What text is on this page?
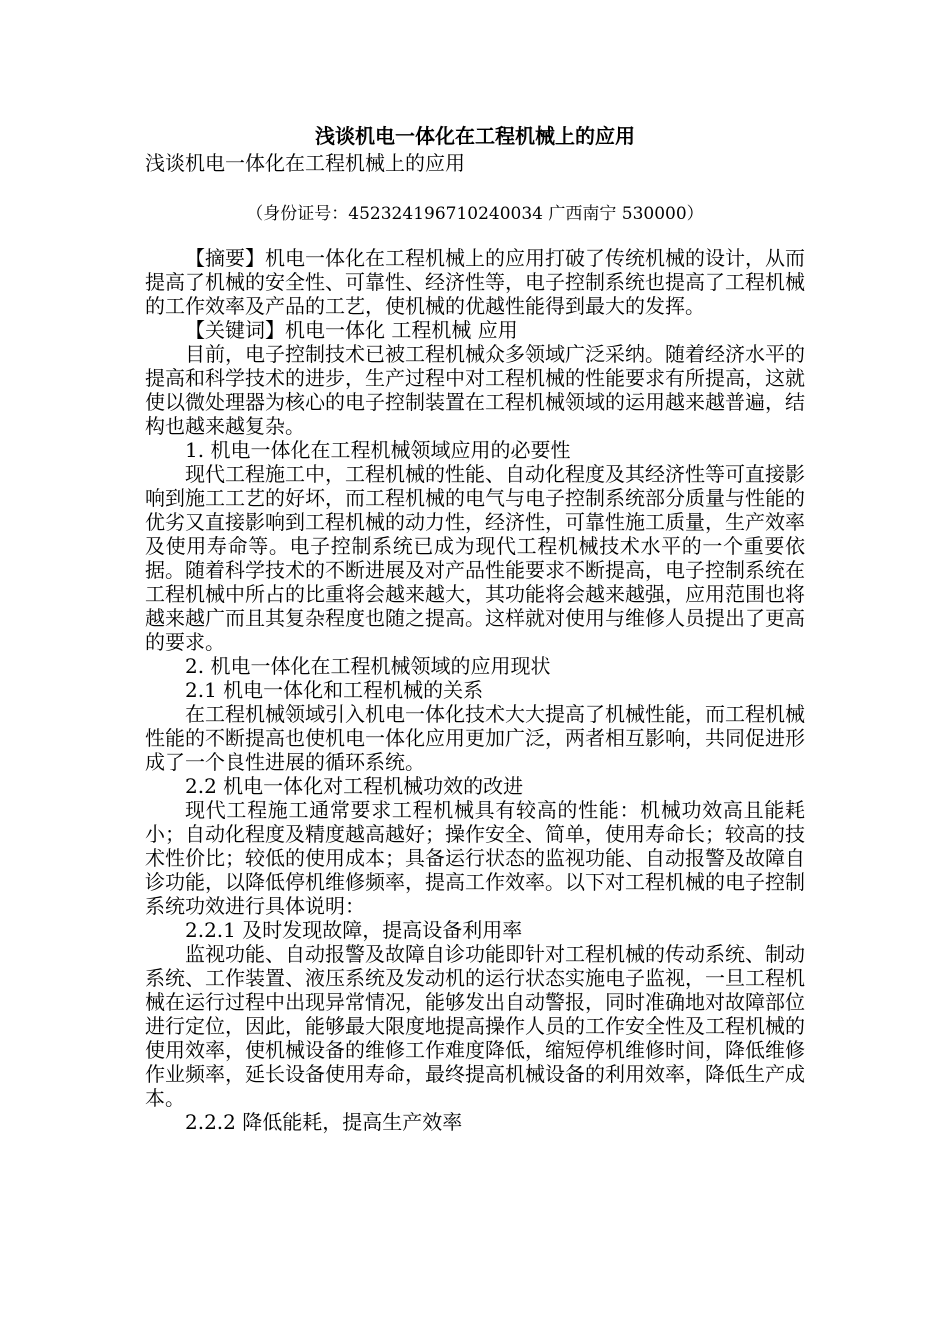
浅谈机电一体化在工程机械上的应用
浅谈机电一体化在工程机械上的应用
（身份证号：452324196710240034 广西南宁 530000）

【摘要】机电一体化在工程机械上的应用打破了传统机械的设计，从而提高了机械的安全性、可靠性、经济性等，电子控制系统也提高了工程机械的工作效率及产品的工艺，使机械的优越性能得到最大的发挥。

【关键词】机电一体化 工程机械 应用

目前，电子控制技术已被工程机械众多领域广泛采纳。随着经济水平的提高和科学技术的进步，生产过程中对工程机械的性能要求有所提高，这就使以微处理器为核心的电子控制装置在工程机械领域的运用越来越普遍，结构也越来越复杂。

1. 机电一体化在工程机械领域应用的必要性

现代工程施工中，工程机械的性能、自动化程度及其经济性等可直接影响到施工工艺的好坏，而工程机械的电气与电子控制系统部分质量与性能的优劣又直接影响到工程机械的动力性，经济性，可靠性施工质量，生产效率及使用寿命等。电子控制系统已成为现代工程机械技术水平的一个重要依据。随着科学技术的不断进展及对产品性能要求不断提高，电子控制系统在工程机械中所占的比重将会越来越大，其功能将会越来越强，应用范围也将越来越广而且其复杂程度也随之提高。这样就对使用与维修人员提出了更高的要求。

2. 机电一体化在工程机械领域的应用现状

2.1 机电一体化和工程机械的关系

在工程机械领域引入机电一体化技术大大提高了机械性能，而工程机械性能的不断提高也使机电一体化应用更加广泛，两者相互影响，共同促进形成了一个良性进展的循环系统。

2.2 机电一体化对工程机械功效的改进

现代工程施工通常要求工程机械具有较高的性能：机械功效高且能耗小；自动化程度及精度越高越好；操作安全、简单，使用寿命长；较高的技术性价比；较低的使用成本；具备运行状态的监视功能、自动报警及故障自诊功能，以降低停机维修频率，提高工作效率。以下对工程机械的电子控制系统功效进行具体说明：

2.2.1 及时发现故障，提高设备利用率

监视功能、自动报警及故障自诊功能即针对工程机械的传动系统、制动系统、工作装置、液压系统及发动机的运行状态实施电子监视，一旦工程机械在运行过程中出现异常情况，能够发出自动警报，同时准确地对故障部位进行定位，因此，能够最大限度地提高操作人员的工作安全性及工程机械的使用效率，使机械设备的维修工作难度降低，缩短停机维修时间，降低维修作业频率，延长设备使用寿命，最终提高机械设备的利用效率，降低生产成本。

2.2.2 降低能耗，提高生产效率
